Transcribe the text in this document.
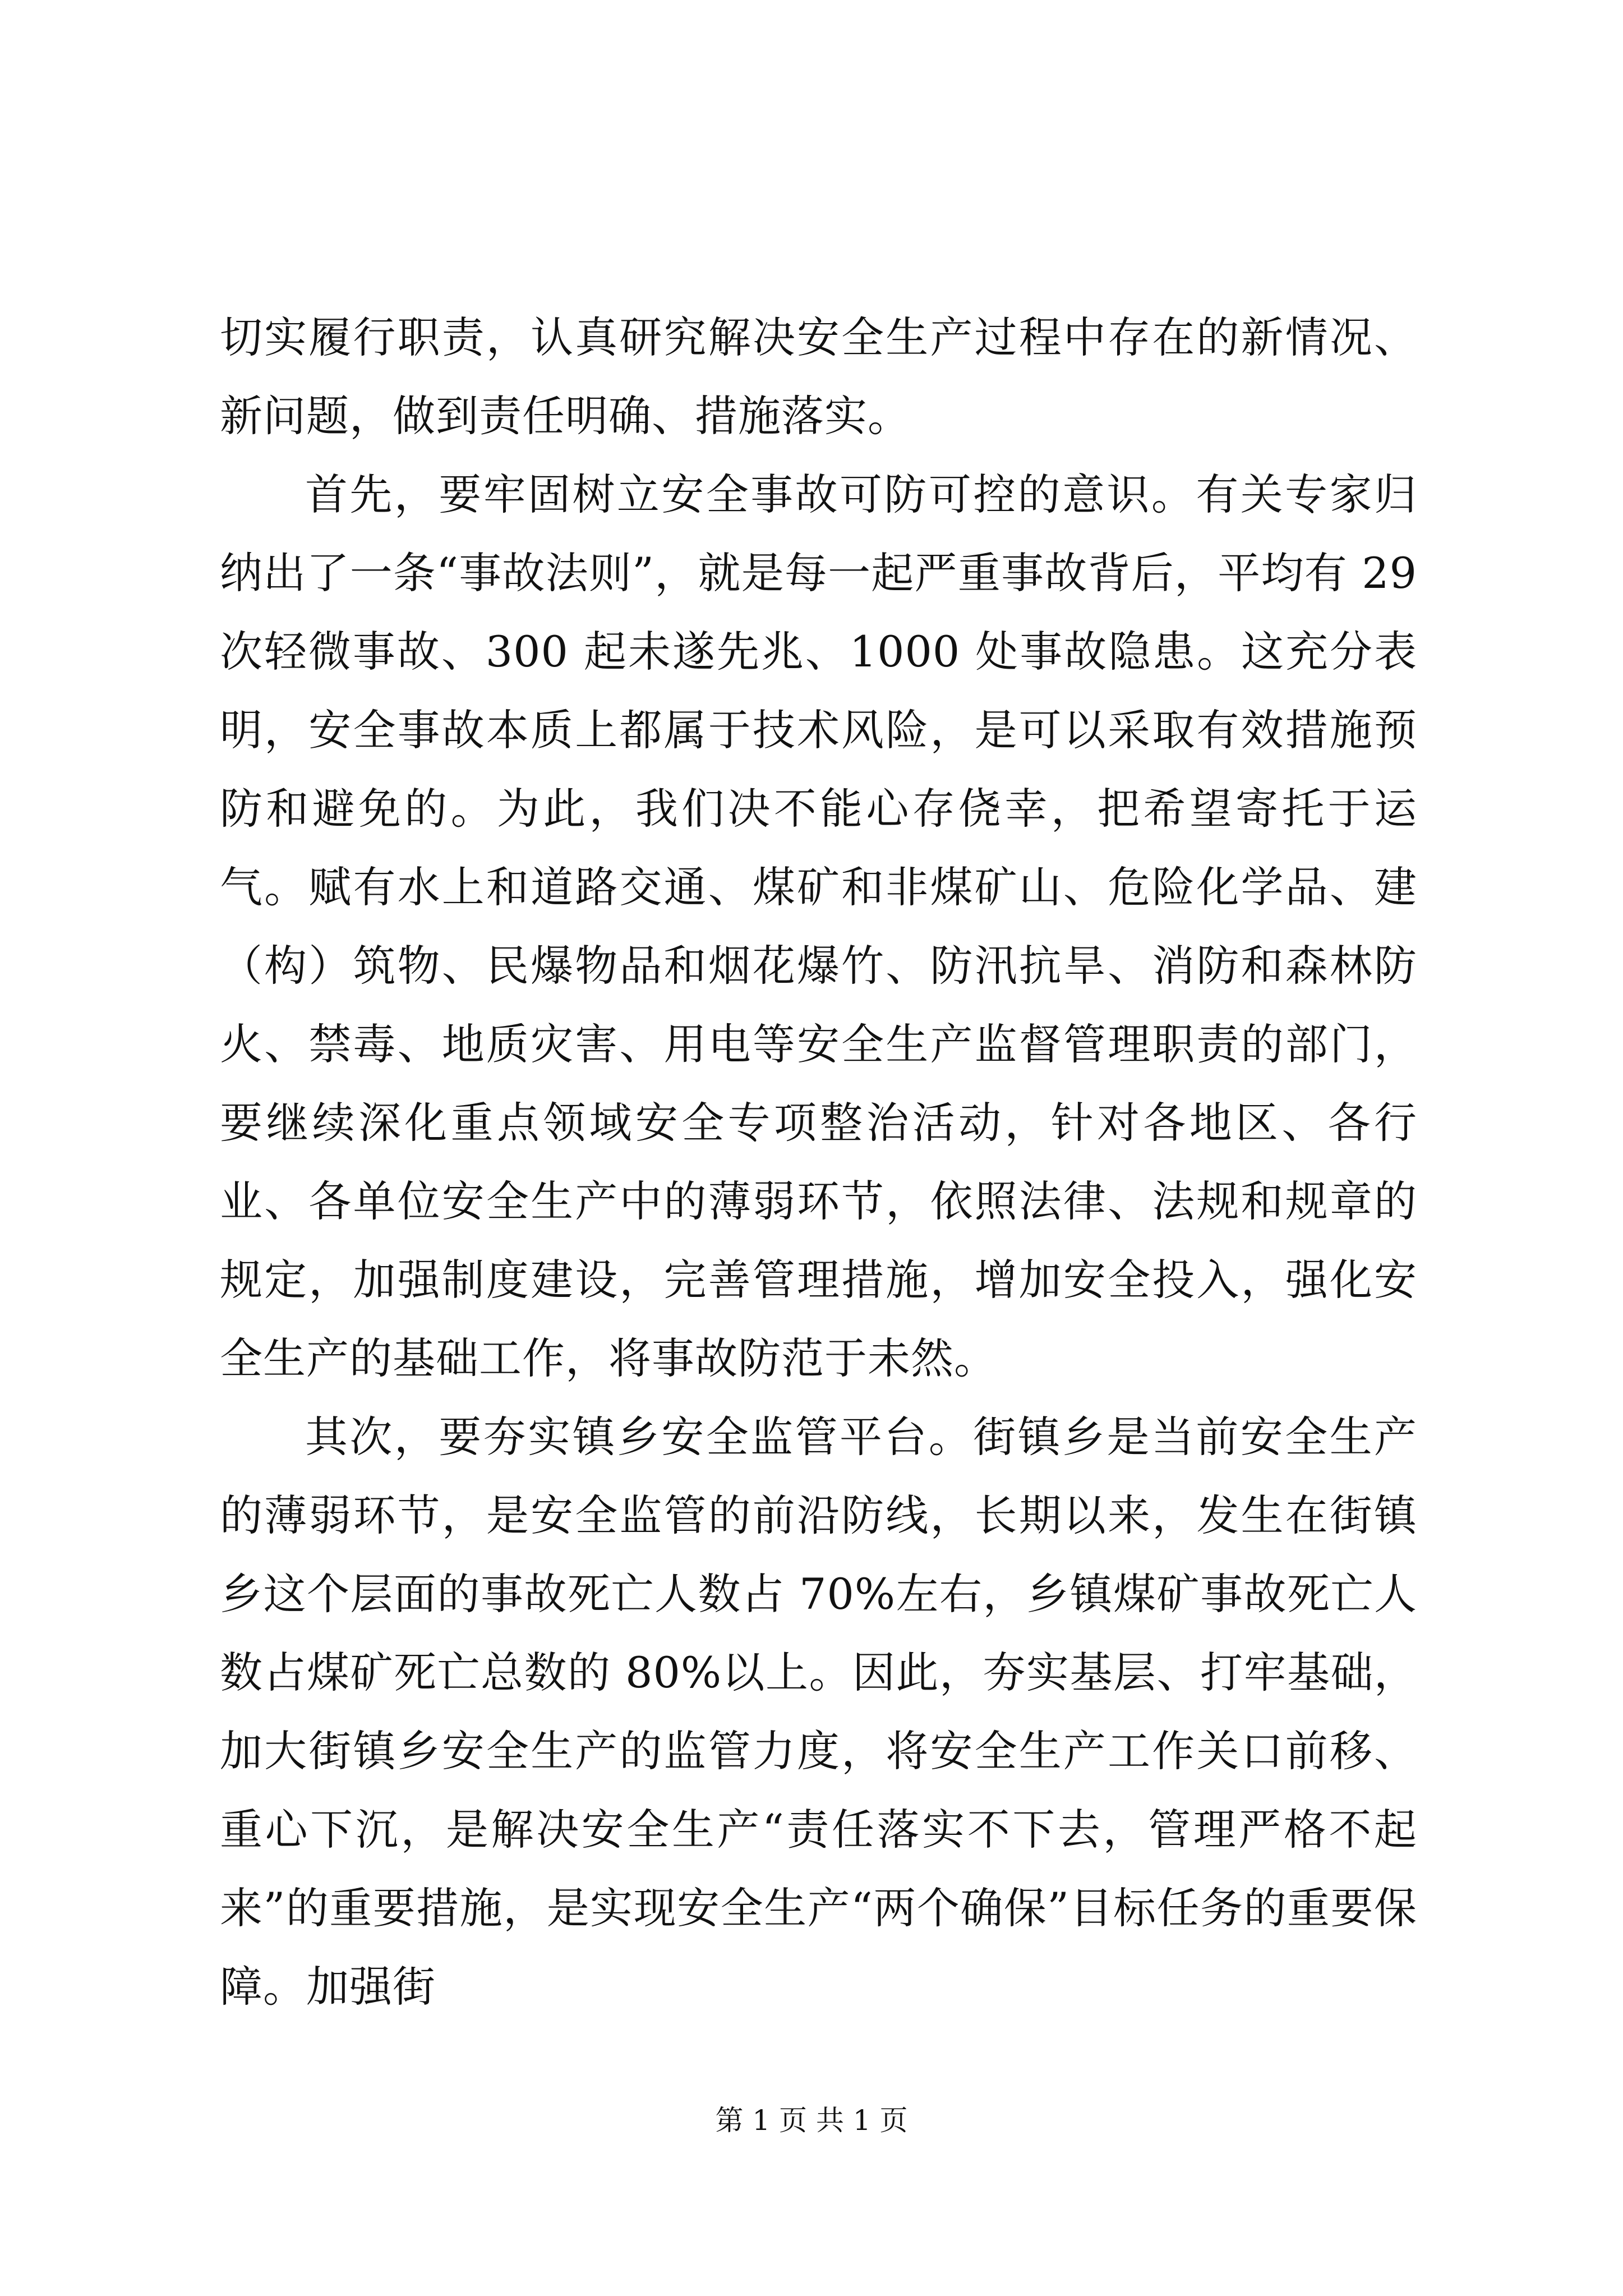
切实履行职责，认真研究解决安全生产过程中存在的新情况、新问题，做到责任明确、措施落实。

首先，要牢固树立安全事故可防可控的意识。有关专家归纳出了一条“事故法则”，就是每一起严重事故背后，平均有 29 次轻微事故、300 起未遂先兆、1000 处事故隐患。这充分表明，安全事故本质上都属于技术风险，是可以采取有效措施预防和避免的。为此，我们决不能心存侥幸，把希望寄托于运气。赋有水上和道路交通、煤矿和非煤矿山、危险化学品、建（构）筑物、民爆物品和烟花爆竹、防汛抗旱、消防和森林防火、禁毒、地质灾害、用电等安全生产监督管理职责的部门，要继续深化重点领域安全专项整治活动，针对各地区、各行业、各单位安全生产中的薄弱环节，依照法律、法规和规章的规定，加强制度建设，完善管理措施，增加安全投入，强化安全生产的基础工作，将事故防范于未然。

其次，要夯实镇乡安全监管平台。街镇乡是当前安全生产的薄弱环节，是安全监管的前沿防线，长期以来，发生在街镇乡这个层面的事故死亡人数占 70%左右，乡镇煤矿事故死亡人数占煤矿死亡总数的 80%以上。因此，夯实基层、打牢基础，加大街镇乡安全生产的监管力度，将安全生产工作关口前移、重心下沉，是解决安全生产“责任落实不下去，管理严格不起来”的重要措施，是实现安全生产“两个确保”目标任务的重要保障。加强街

第 1 页 共 1 页
